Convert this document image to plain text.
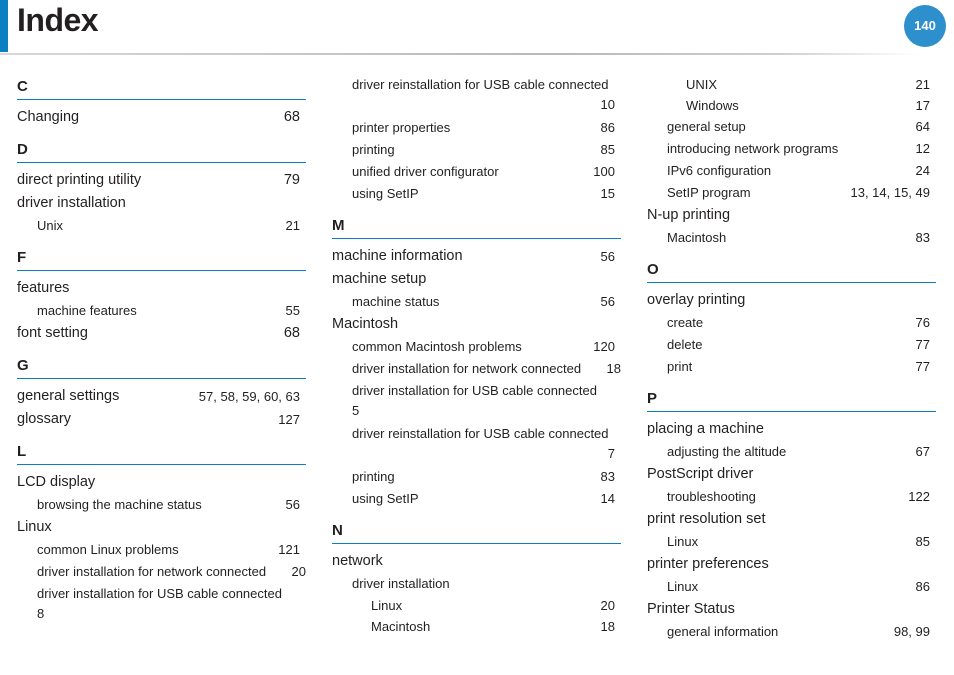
Index	140
C
Changing	68
D
direct printing utility	79
driver installation
Unix	21
F
features
machine features	55
font setting	68
G
general settings	57, 58, 59, 60, 63
glossary	127
L
LCD display
browsing the machine status	56
Linux
common Linux problems	121
driver installation for network connected	20
driver installation for USB cable connected
8
driver reinstallation for USB cable connected
10
printer properties	86
printing	85
unified driver configurator	100
using SetIP	15
M
machine information	56
machine setup
machine status	56
Macintosh
common Macintosh problems	120
driver installation for network connected	18
driver installation for USB cable connected
5
driver reinstallation for USB cable connected
7
printing	83
using SetIP	14
N
network
driver installation
Linux	20
Macintosh	18
UNIX	21
Windows	17
general setup	64
introducing network programs	12
IPv6 configuration	24
SetIP program	13, 14, 15, 49
N-up printing
Macintosh	83
O
overlay printing
create	76
delete	77
print	77
P
placing a machine
adjusting the altitude	67
PostScript driver
troubleshooting	122
print resolution set
Linux	85
printer preferences
Linux	86
Printer Status
general information	98, 99
